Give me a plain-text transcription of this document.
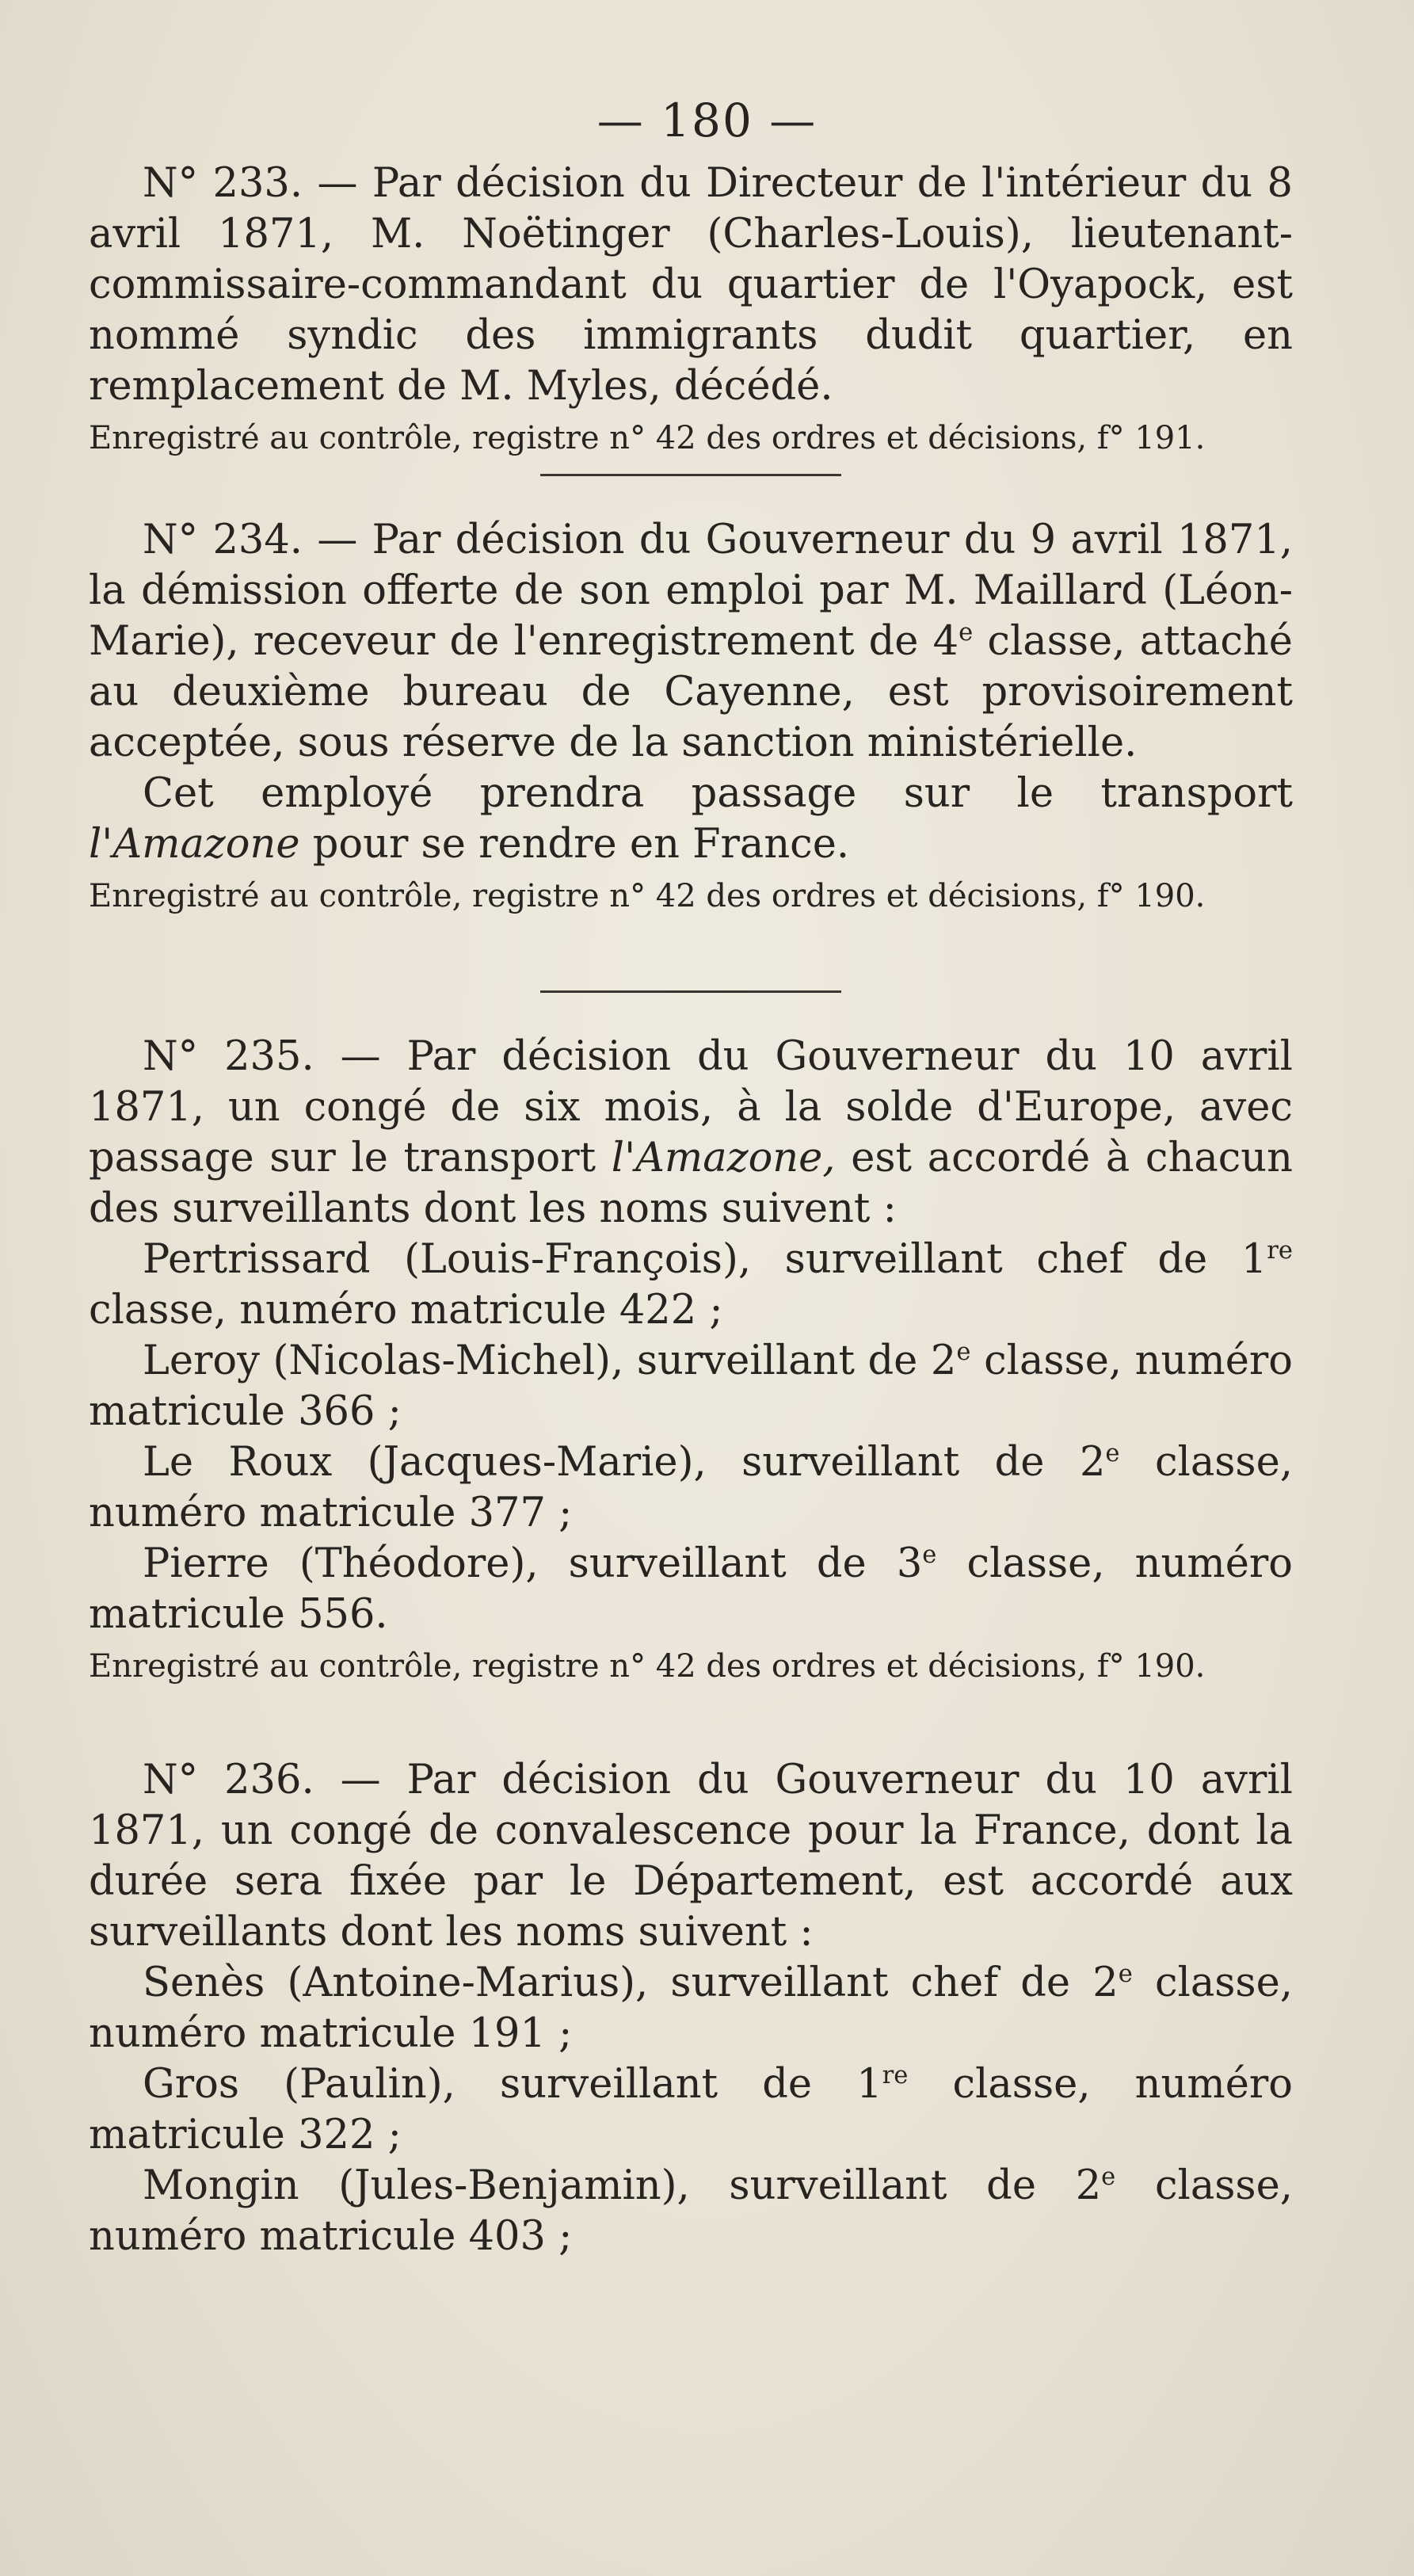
— 180 —

N° 233. — Par décision du Directeur de l'intérieur du 8 avril 1871, M. Noëtinger (Charles-Louis), lieutenant-commissaire-commandant du quartier de l'Oyapock, est nommé syndic des immigrants dudit quartier, en remplacement de M. Myles, décédé.

Enregistré au contrôle, registre n° 42 des ordres et décisions, f° 191.

N° 234. — Par décision du Gouverneur du 9 avril 1871, la démission offerte de son emploi par M. Maillard (Léon-Marie), receveur de l'enregistrement de 4e classe, attaché au deuxième bureau de Cayenne, est provisoirement acceptée, sous réserve de la sanction ministérielle.

Cet employé prendra passage sur le transport l'Amazone pour se rendre en France.

Enregistré au contrôle, registre n° 42 des ordres et décisions, f° 190.

N° 235. — Par décision du Gouverneur du 10 avril 1871, un congé de six mois, à la solde d'Europe, avec passage sur le transport l'Amazone, est accordé à chacun des surveillants dont les noms suivent :

Pertrissard (Louis-François), surveillant chef de 1re classe, numéro matricule 422 ;

Leroy (Nicolas-Michel), surveillant de 2e classe, numéro matricule 366 ;

Le Roux (Jacques-Marie), surveillant de 2e classe, numéro matricule 377 ;

Pierre (Théodore), surveillant de 3e classe, numéro matricule 556.

Enregistré au contrôle, registre n° 42 des ordres et décisions, f° 190.

N° 236. — Par décision du Gouverneur du 10 avril 1871, un congé de convalescence pour la France, dont la durée sera fixée par le Département, est accordé aux surveillants dont les noms suivent :

Senès (Antoine-Marius), surveillant chef de 2e classe, numéro matricule 191 ;

Gros (Paulin), surveillant de 1re classe, numéro matricule 322 ;

Mongin (Jules-Benjamin), surveillant de 2e classe, numéro matricule 403 ;
